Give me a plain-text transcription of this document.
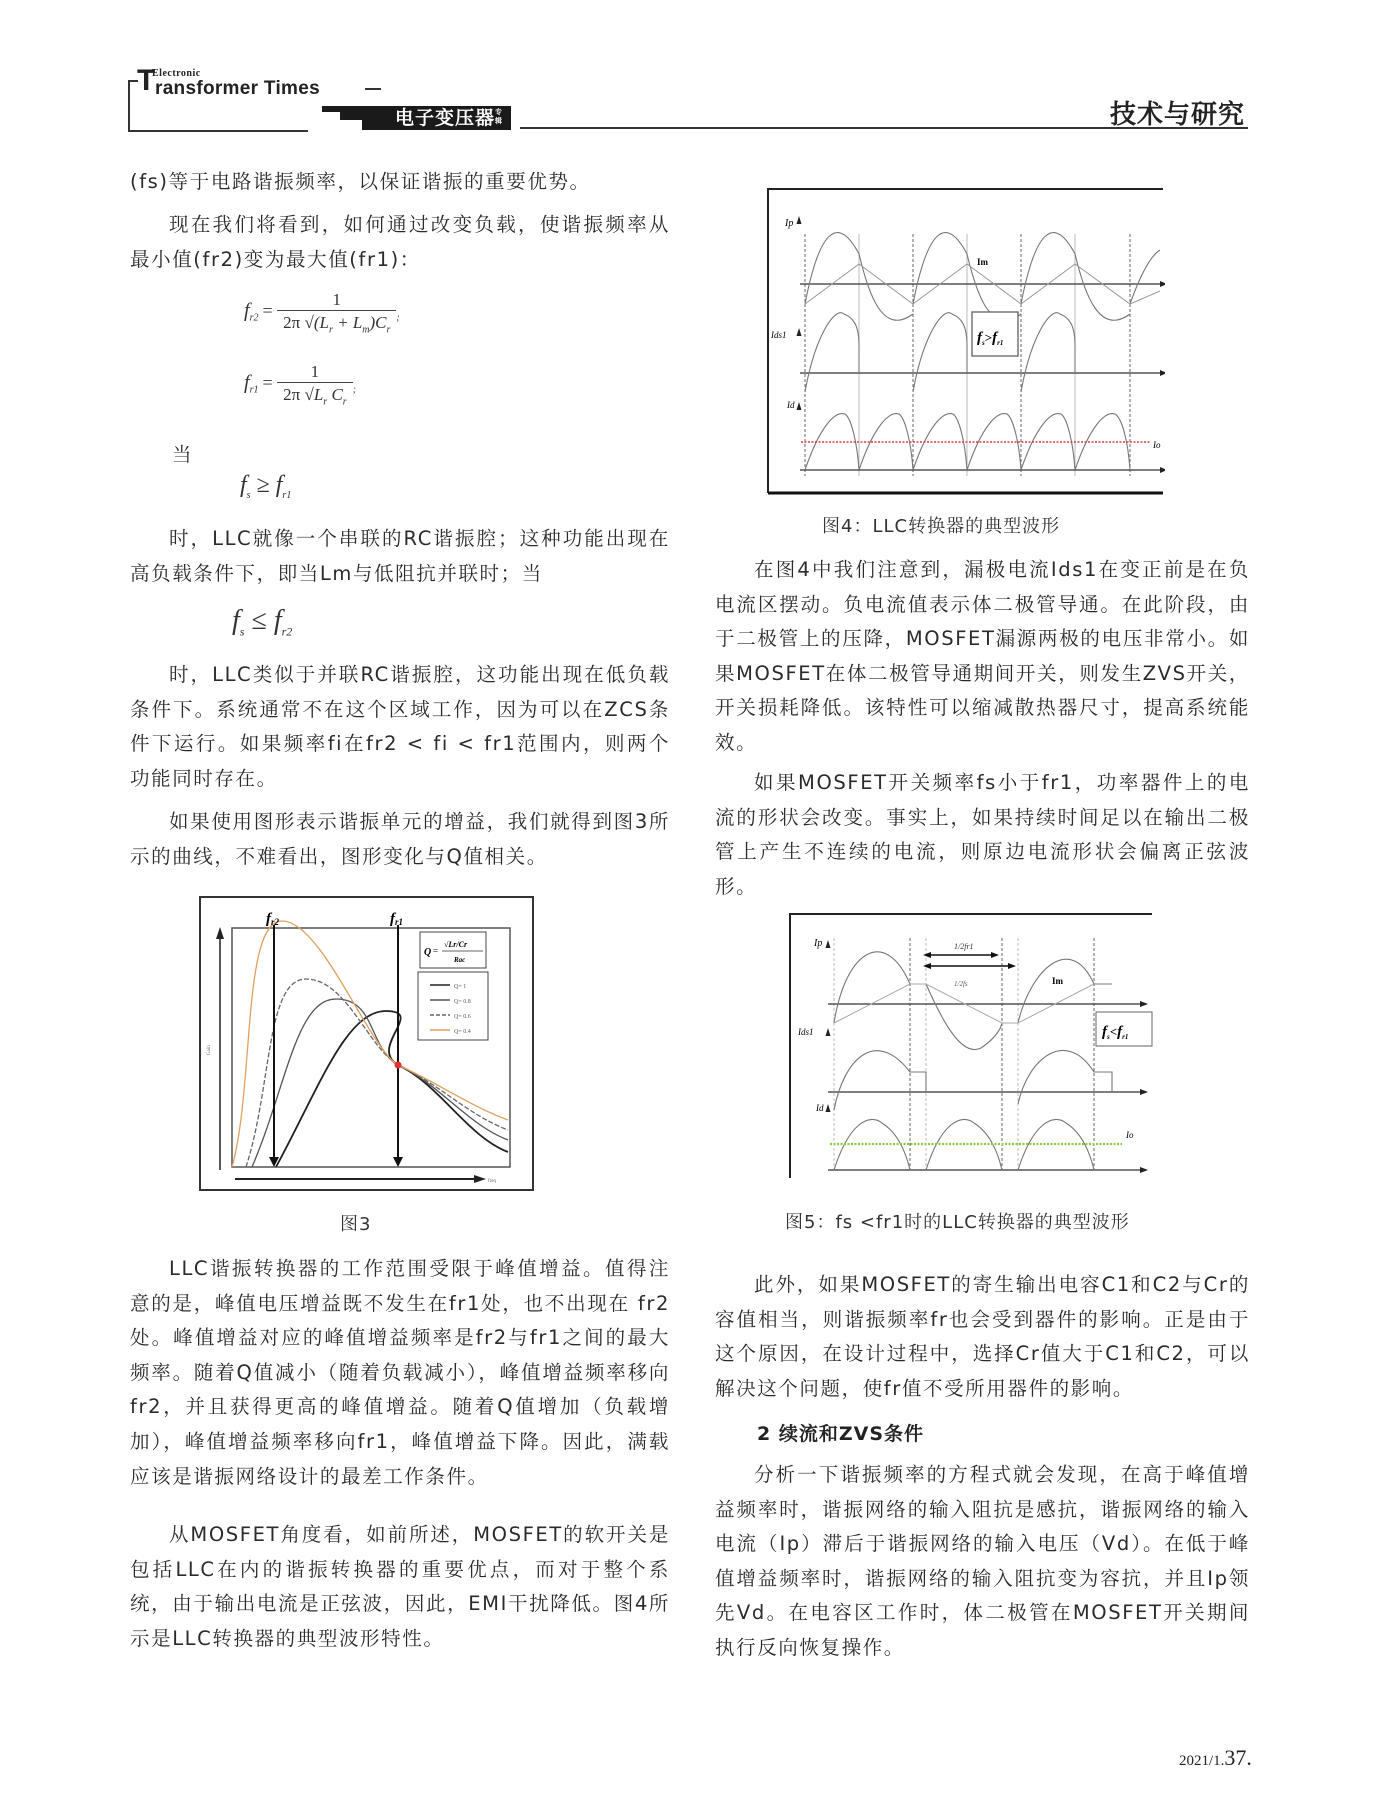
T
Electronic
ransformer Times
电子变压器 专辑	技术与研究
(fs)等于电路谐振频率，以保证谐振的重要优势。
现在我们将看到，如何通过改变负载，使谐振频率从最小值(fr2)变为最大值(fr1)：
$f_{r2} = \frac{1}{2\pi √(L_r + L_m)C_r} _;$
$f_{r1} = \frac{1}{2\pi √L_r C_r} _;$
当
$f_s \ge f_{r1}$
时，LLC就像一个串联的RC谐振腔；这种功能出现在高负载条件下，即当Lm与低阻抗并联时；当
$f_s \le f_{r2}$
时，LLC类似于并联RC谐振腔，这功能出现在低负载条件下。系统通常不在这个区域工作，因为可以在ZCS条件下运行。如果频率fi在fr2 < fi < fr1范围内，则两个功能同时存在。
如果使用图形表示谐振单元的增益，我们就得到图3所示的曲线，不难看出，图形变化与Q值相关。
Gain
freq
fr2	fr1
Q =
√Lr/Cr
Rac
Q= 1
Q= 0.8
Q= 0.6
Q= 0.4
图3
LLC谐振转换器的工作范围受限于峰值增益。值得注意的是，峰值电压增益既不发生在fr1处，也不出现在 fr2处。峰值增益对应的峰值增益频率是fr2与fr1之间的最大频率。随着Q值减小（随着负载减小），峰值增益频率移向fr2，并且获得更高的峰值增益。随着Q值增加（负载增加），峰值增益频率移向fr1，峰值增益下降。因此，满载应该是谐振网络设计的最差工作条件。
从MOSFET角度看，如前所述，MOSFET的软开关是包括LLC在内的谐振转换器的重要优点，而对于整个系统，由于输出电流是正弦波，因此，EMI干扰降低。图4所示是LLC转换器的典型波形特性。
Ip
Ids1
Id
Im
Io
$f_s>f_{r1}$
图4：LLC转换器的典型波形
在图4中我们注意到，漏极电流Ids1在变正前是在负电流区摆动。负电流值表示体二极管导通。在此阶段，由于二极管上的压降，MOSFET漏源两极的电压非常小。如果MOSFET在体二极管导通期间开关，则发生ZVS开关，开关损耗降低。该特性可以缩减散热器尺寸，提高系统能效。
如果MOSFET开关频率fs小于fr1，功率器件上的电流的形状会改变。事实上，如果持续时间足以在输出二极管上产生不连续的电流，则原边电流形状会偏离正弦波形。
Ip
Ids1
Id
Im
Io
1/2fr1
1/2fs
$f_s<f_{r1}$
图5：fs <fr1时的LLC转换器的典型波形
此外，如果MOSFET的寄生输出电容C1和C2与Cr的容值相当，则谐振频率fr也会受到器件的影响。正是由于这个原因，在设计过程中，选择Cr值大于C1和C2，可以解决这个问题，使fr值不受所用器件的影响。
2 续流和ZVS条件
分析一下谐振频率的方程式就会发现，在高于峰值增益频率时，谐振网络的输入阻抗是感抗，谐振网络的输入电流（Ip）滞后于谐振网络的输入电压（Vd）。在低于峰值增益频率时，谐振网络的输入阻抗变为容抗，并且Ip领先Vd。在电容区工作时，体二极管在MOSFET开关期间执行反向恢复操作。
2021/1.37.
